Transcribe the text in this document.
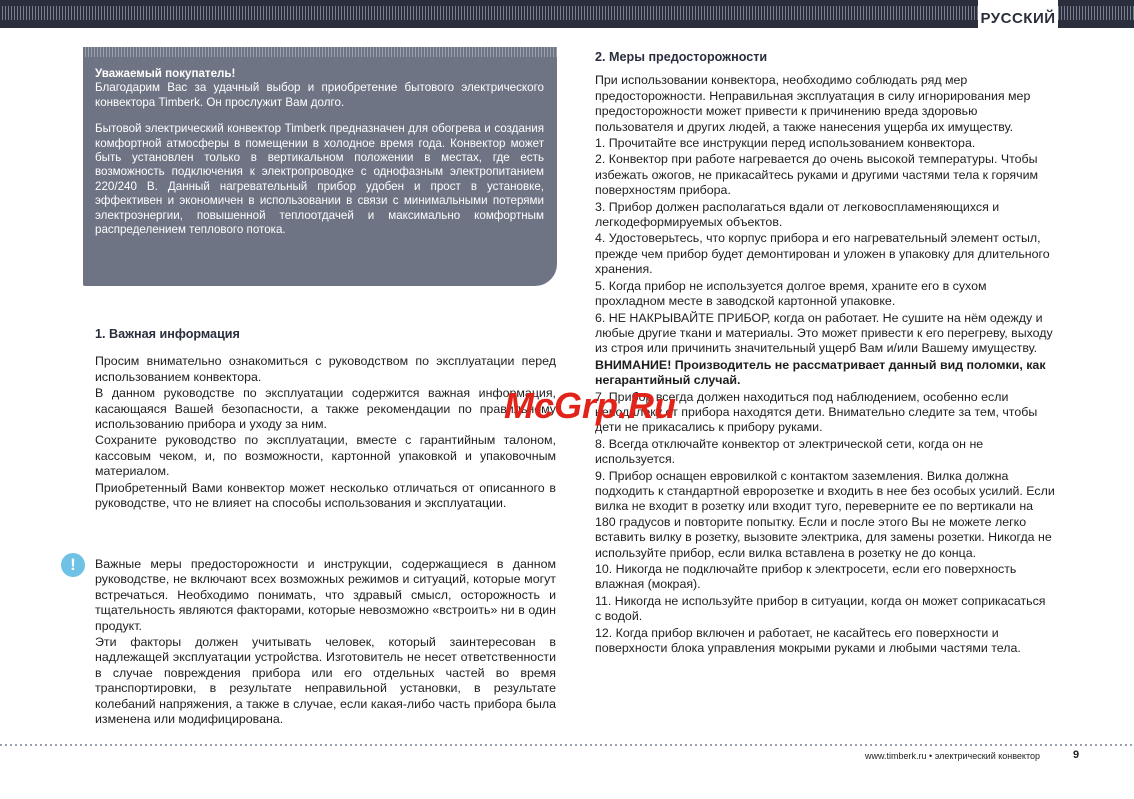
РУССКИЙ

Уважаемый покупатель!
Благодарим Вас за удачный выбор и приобретение бытового электрического конвектора Timberk. Он прослужит Вам долго.

Бытовой электрический конвектор Timberk предназначен для обогрева и создания комфортной атмосферы в помещении в холодное время года. Конвектор может быть установлен только в вертикальном положении в местах, где есть возможность подключения к электропроводке с однофазным электропитанием 220/240 В. Данный нагревательный прибор удобен и прост в установке, эффективен и экономичен в использовании в связи с минимальными потерями электроэнергии, повышенной теплоотдачей и максимально комфортным распределением теплового потока.

1. Важная информация

Просим внимательно ознакомиться с руководством по эксплуатации перед использованием конвектора.

В данном руководстве по эксплуатации содержится важная информация, касающаяся Вашей безопасности, а также рекомендации по правильному использованию прибора и уходу за ним.

Сохраните руководство по эксплуатации, вместе с гарантийным талоном, кассовым чеком, и, по возможности, картонной упаковкой и упаковочным материалом.

Приобретенный Вами конвектор может несколько отличаться от описанного в руководстве, что не влияет на способы использования и эксплуатации.

!	Важные меры предосторожности и инструкции, содержащиеся в данном руководстве, не включают всех возможных режимов и ситуаций, которые могут встречаться. Необходимо понимать, что здравый смысл, осторожность и тщательность являются факторами, которые невозможно «встроить» ни в один продукт.

Эти факторы должен учитывать человек, который заинтересован в надлежащей эксплуатации устройства. Изготовитель не несет ответственности в случае повреждения прибора или его отдельных частей во время транспортировки, в результате неправильной установки, в результате колебаний напряжения, а также в случае, если какая-либо часть прибора была изменена или модифицирована.

2. Меры предосторожности

При использовании конвектора, необходимо соблюдать ряд мер предосторожности. Неправильная эксплуатация в силу игнорирования мер предосторожности может привести к причинению вреда здоровью пользователя и других людей, а также нанесения ущерба их имуществу.

1. Прочитайте все инструкции перед использованием конвектора.

2. Конвектор при работе нагревается до очень высокой температуры. Чтобы избежать ожогов, не прикасайтесь руками и другими частями тела к горячим поверхностям прибора.

3. Прибор должен располагаться вдали от легковоспламеняющихся и легкодеформируемых объектов.

4. Удостоверьтесь, что корпус прибора и его нагревательный элемент остыл, прежде чем прибор будет демонтирован и уложен в упаковку для длительного хранения.

5. Когда прибор не используется долгое время, храните его в сухом прохладном месте в заводской картонной упаковке.

6. НЕ НАКРЫВАЙТЕ ПРИБОР, когда он работает. Не сушите на нём одежду и любые другие ткани и материалы. Это может привести к его перегреву, выходу из строя или причинить значительный ущерб Вам и/или Вашему имуществу.

ВНИМАНИЕ! Производитель не рассматривает данный вид поломки, как негарантийный случай.

7. Прибор всегда должен находиться под наблюдением, особенно если неподалеку от прибора находятся дети. Внимательно следите за тем, чтобы дети не прикасались к прибору руками.

8. Всегда отключайте конвектор от электрической сети, когда он не используется.

9. Прибор оснащен евровилкой с контактом заземления. Вилка должна подходить к стандартной евророзетке и входить в нее без особых усилий. Если вилка не входит в розетку или входит туго, переверните ее по вертикали на 180 градусов и повторите попытку. Если и после этого Вы не можете легко вставить вилку в розетку, вызовите электрика, для замены розетки. Никогда не используйте прибор, если вилка вставлена в розетку не до конца.

10. Никогда не подключайте прибор к электросети, если его поверхность влажная (мокрая).

11. Никогда не используйте прибор в ситуации, когда он может соприкасаться с водой.

12. Когда прибор включен и работает, не касайтесь его поверхности и поверхности блока управления мокрыми руками и любыми частями тела.

McGrp.Ru
www.timberk.ru • электрический конвектор	9
